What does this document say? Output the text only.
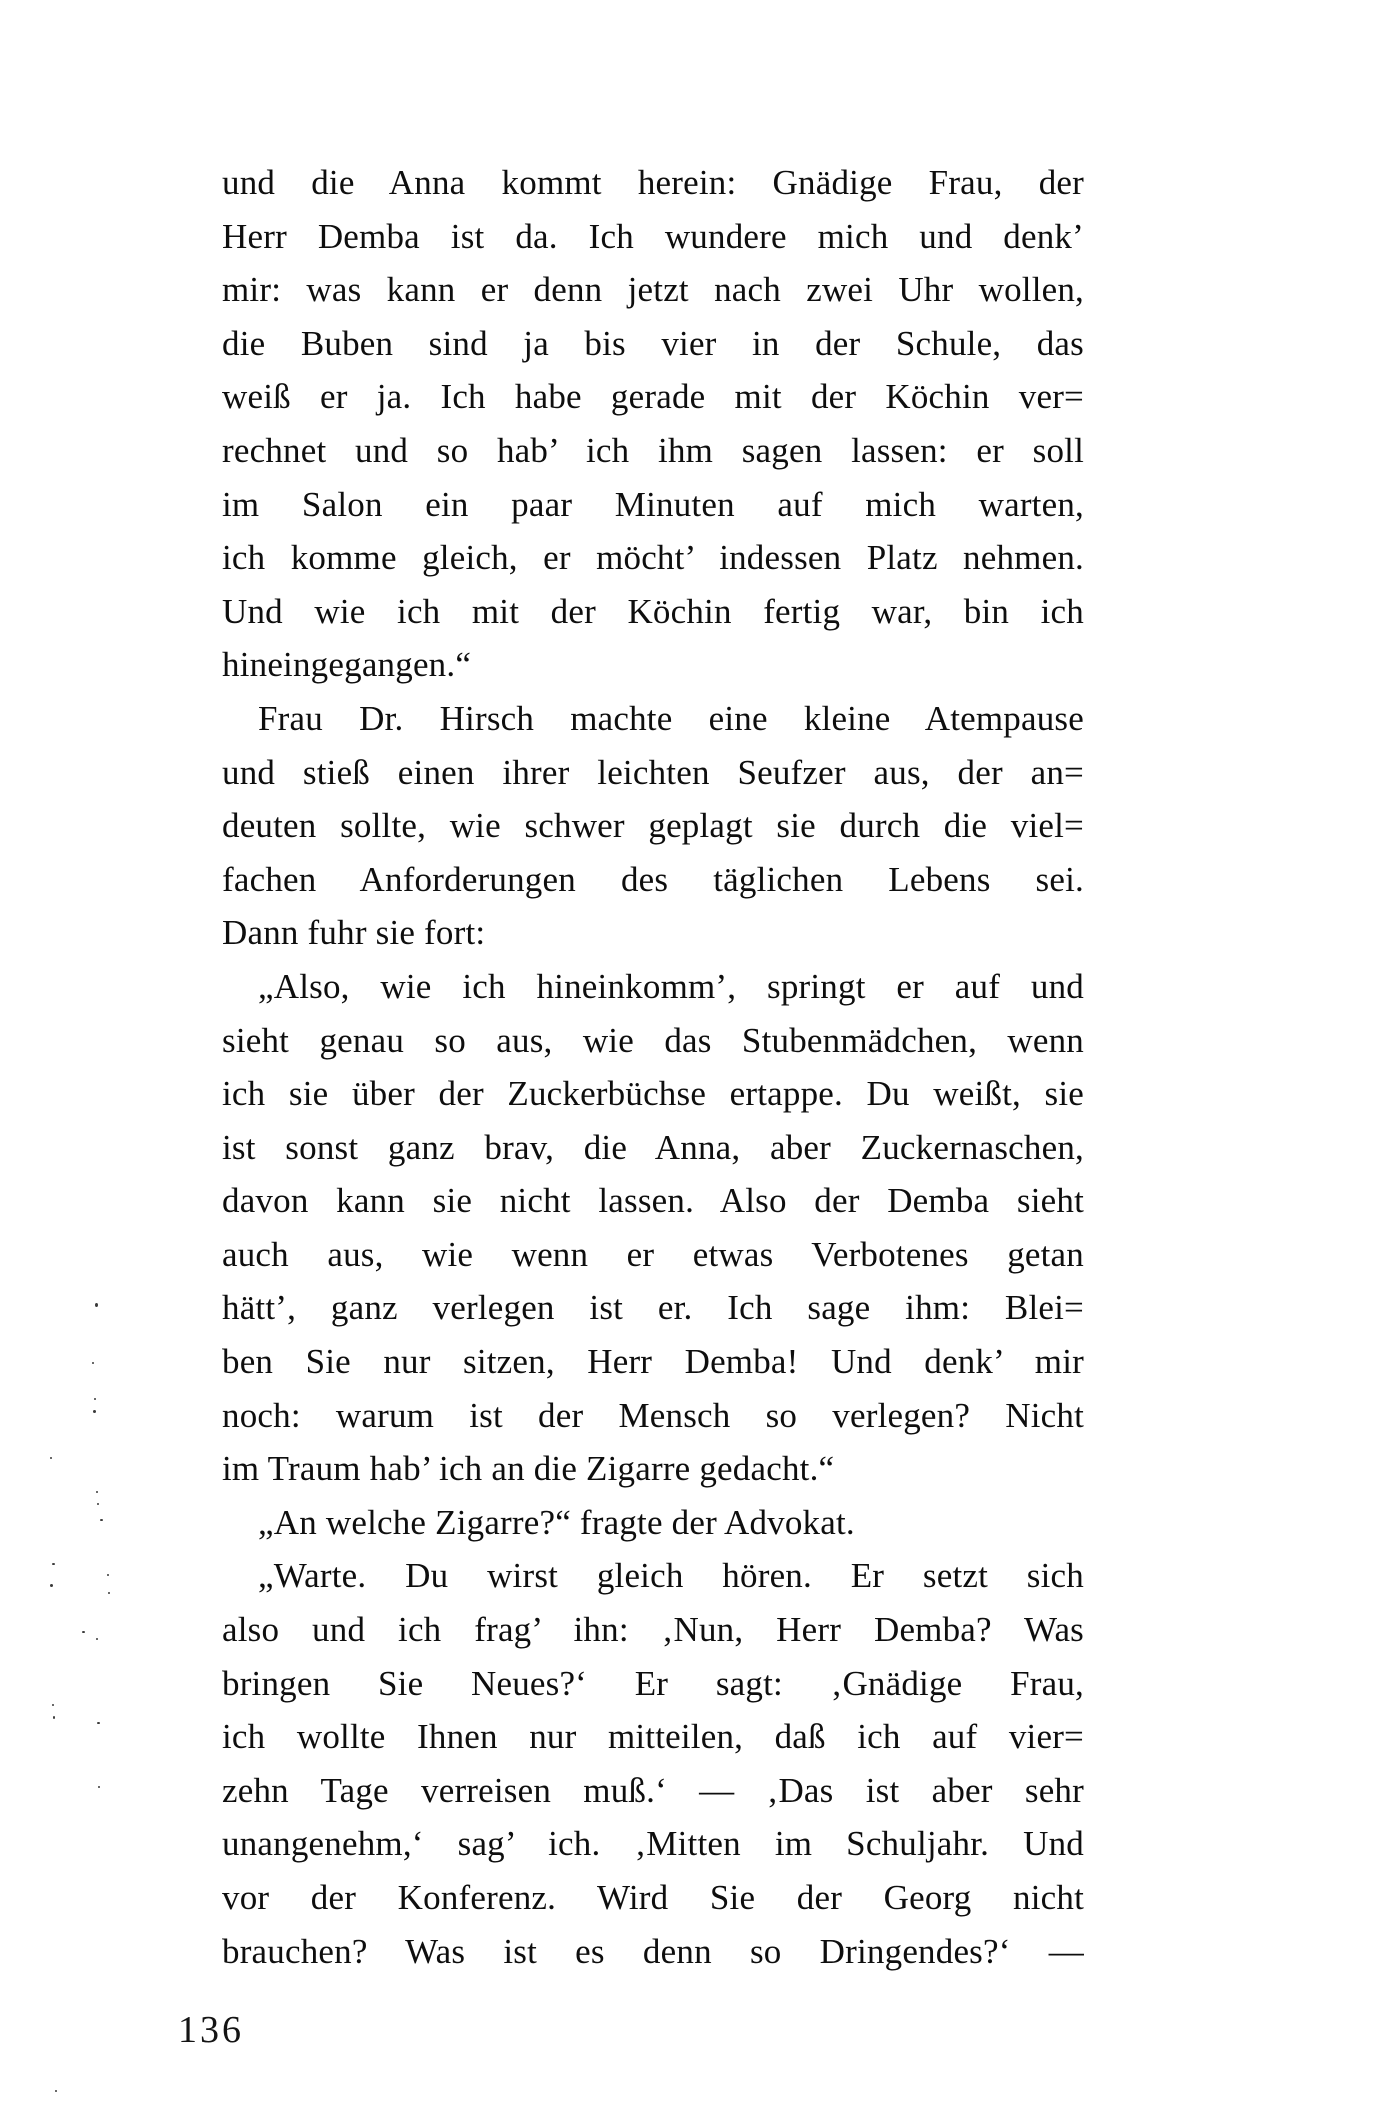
und die Anna kommt herein: Gnädige Frau, der
Herr Demba ist da. Ich wundere mich und denk’
mir: was kann er denn jetzt nach zwei Uhr wollen,
die Buben sind ja bis vier in der Schule, das
weiß er ja. Ich habe gerade mit der Köchin ver=
rechnet und so hab’ ich ihm sagen lassen: er soll
im Salon ein paar Minuten auf mich warten,
ich komme gleich, er möcht’ indessen Platz nehmen.
Und wie ich mit der Köchin fertig war, bin ich
hineingegangen.“
Frau Dr. Hirsch machte eine kleine Atempause
und stieß einen ihrer leichten Seufzer aus, der an=
deuten sollte, wie schwer geplagt sie durch die viel=
fachen Anforderungen des täglichen Lebens sei.
Dann fuhr sie fort:
„Also, wie ich hineinkomm’, springt er auf und
sieht genau so aus, wie das Stubenmädchen, wenn
ich sie über der Zuckerbüchse ertappe. Du weißt, sie
ist sonst ganz brav, die Anna, aber Zuckernaschen,
davon kann sie nicht lassen. Also der Demba sieht
auch aus, wie wenn er etwas Verbotenes getan
hätt’, ganz verlegen ist er. Ich sage ihm: Blei=
ben Sie nur sitzen, Herr Demba! Und denk’ mir
noch: warum ist der Mensch so verlegen? Nicht
im Traum hab’ ich an die Zigarre gedacht.“
„An welche Zigarre?“ fragte der Advokat.
„Warte. Du wirst gleich hören. Er setzt sich
also und ich frag’ ihn: ‚Nun, Herr Demba? Was
bringen Sie Neues?‘ Er sagt: ‚Gnädige Frau,
ich wollte Ihnen nur mitteilen, daß ich auf vier=
zehn Tage verreisen muß.‘ — ‚Das ist aber sehr
unangenehm,‘ sag’ ich. ‚Mitten im Schuljahr. Und
vor der Konferenz. Wird Sie der Georg nicht
brauchen? Was ist es denn so Dringendes?‘ —
136
